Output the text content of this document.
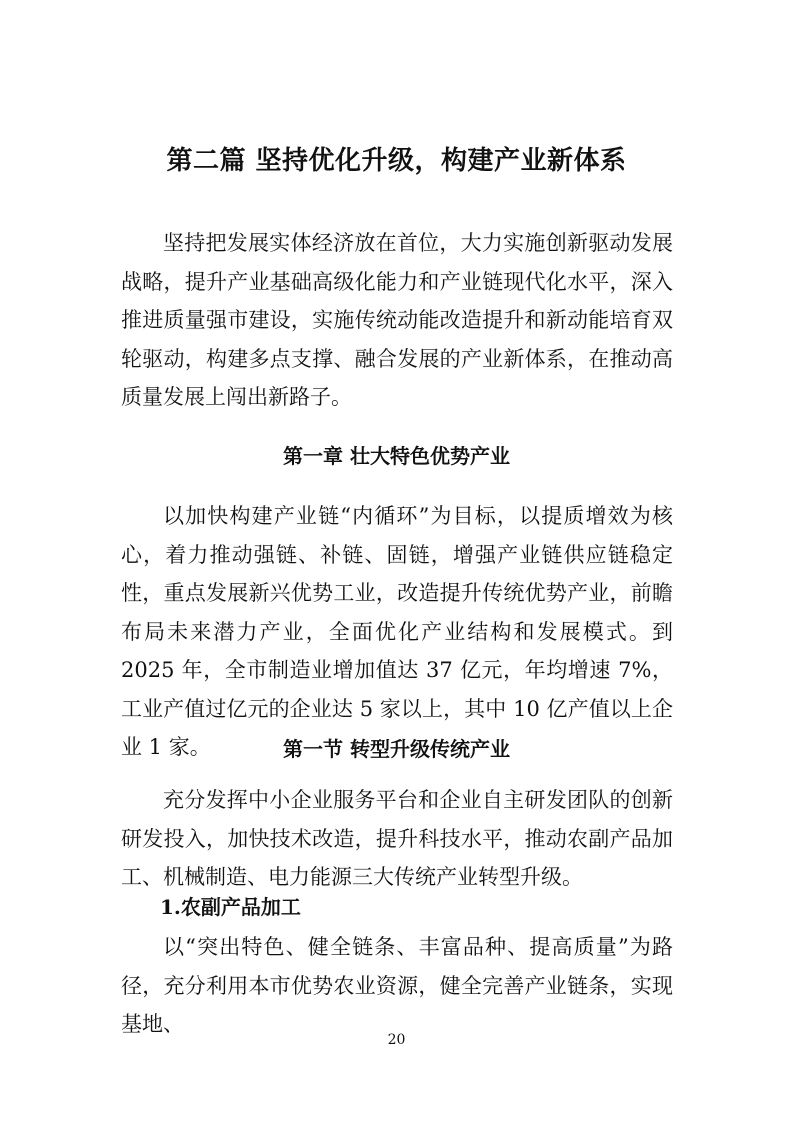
第二篇 坚持优化升级，构建产业新体系

坚持把发展实体经济放在首位，大力实施创新驱动发展战略，提升产业基础高级化能力和产业链现代化水平，深入推进质量强市建设，实施传统动能改造提升和新动能培育双轮驱动，构建多点支撑、融合发展的产业新体系，在推动高质量发展上闯出新路子。

第一章 壮大特色优势产业

以加快构建产业链“内循环”为目标，以提质增效为核心，着力推动强链、补链、固链，增强产业链供应链稳定性，重点发展新兴优势工业，改造提升传统优势产业，前瞻布局未来潜力产业，全面优化产业结构和发展模式。到 2025 年，全市制造业增加值达 37 亿元，年均增速 7%，工业产值过亿元的企业达 5 家以上，其中 10 亿产值以上企业 1 家。	第一节 转型升级传统产业

充分发挥中小企业服务平台和企业自主研发团队的创新研发投入，加快技术改造，提升科技水平，推动农副产品加工、机械制造、电力能源三大传统产业转型升级。

1.农副产品加工

以“突出特色、健全链条、丰富品种、提高质量”为路径，充分利用本市优势农业资源，健全完善产业链条，实现基地、

20
